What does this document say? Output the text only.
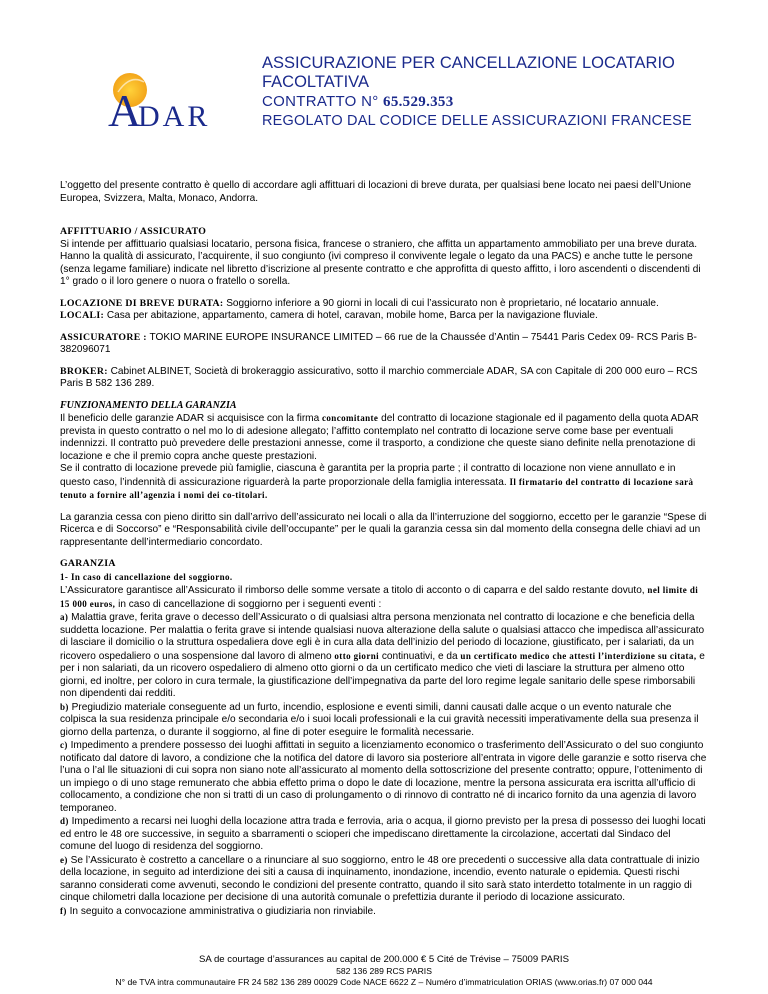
A
DAR
ASSICURAZIONE PER CANCELLAZIONE LOCATARIO FACOLTATIVA
CONTRATTO N° 65.529.353
REGOLATO DAL CODICE DELLE ASSICURAZIONI FRANCESE

L’oggetto del presente contratto è quello di accordare agli affittuari di locazioni di breve durata, per qualsiasi bene locato nei paesi dell’Unione Europea, Svizzera, Malta, Monaco, Andorra.

AFFITTUARIO / ASSICURATO

Si intende per affittuario qualsiasi locatario, persona fisica, francese o straniero, che affitta un appartamento ammobiliato per una breve durata.

Hanno la qualità di assicurato, l’acquirente, il suo congiunto (ivi compreso il convivente legale o legato da una PACS) e anche tutte le persone (senza legame familiare) indicate nel libretto d’iscrizione al presente contratto e che approfitta di questo affitto, i loro ascendenti o discendenti di 1° grado o il loro genere o nuora o fratello o sorella.

LOCAZIONE DI BREVE DURATA: Soggiorno inferiore a 90 giorni in locali di cui l’assicurato non è proprietario, né locatario annuale.

LOCALI: Casa per abitazione, appartamento, camera di hotel, caravan, mobile home, Barca per la navigazione fluviale.

ASSICURATORE : TOKIO MARINE EUROPE INSURANCE LIMITED – 66 rue de la Chaussée d’Antin – 75441 Paris Cedex 09- RCS Paris B-382096071

BROKER: Cabinet ALBINET, Società di brokeraggio assicurativo, sotto il marchio commerciale ADAR, SA con Capitale di 200 000 euro – RCS Paris B 582 136 289.

FUNZIONAMENTO DELLA GARANZIA

Il beneficio delle garanzie ADAR si acquisisce con la firma concomitante del contratto di locazione stagionale ed il pagamento della quota ADAR prevista in questo contratto o nel mo lo di adesione allegato; l’affitto contemplato nel contratto di locazione serve come base per eventuali indennizzi. Il contratto può prevedere delle prestazioni annesse, come il trasporto, a condizione che queste siano definite nella prenotazione di locazione e che il premio copra anche queste prestazioni.

Se il contratto di locazione prevede più famiglie, ciascuna è garantita per la propria parte ; il contratto di locazione non viene annullato e in questo caso, l’indennità di assicurazione riguarderà la parte proporzionale della famiglia interessata. Il firmatario del contratto di locazione sarà tenuto a fornire all’agenzia i nomi dei co-titolari.

La garanzia cessa con pieno diritto sin dall’arrivo dell’assicurato nei locali o alla da ll’interruzione del soggiorno, eccetto per le garanzie “Spese di Ricerca e di Soccorso” e “Responsabilità civile dell’occupante” per le quali la garanzia cessa sin dal momento della consegna delle chiavi ad un rappresentante dell’intermediario concordato.

GARANZIA

1- In caso di cancellazione del soggiorno.

L’Assicuratore garantisce all’Assicurato il rimborso delle somme versate a titolo di acconto o di caparra e del saldo restante dovuto, nel limite di 15 000 euros, in caso di cancellazione di soggiorno per i seguenti eventi :

a) Malattia grave, ferita grave o decesso dell’Assicurato o di qualsiasi altra persona menzionata nel contratto di locazione e che beneficia della suddetta locazione. Per malattia o ferita grave si intende qualsiasi nuova alterazione della salute o qualsiasi attacco che impedisca all’assicurato di lasciare il domicilio o la struttura ospedaliera dove egli è in cura alla data dell’inizio del periodo di locazione, giustificato, per i salariati, da un ricovero ospedaliero o una sospensione dal lavoro di almeno otto giorni continuativi, e da un certificato medico che attesti l’interdizione su citata, e per i non salariati, da un ricovero ospedaliero di almeno otto giorni o da un certificato medico che vieti di lasciare la struttura per almeno otto giorni, ed inoltre, per coloro in cura termale, la giustificazione dell’impegnativa da parte del loro regime legale sanitario delle spese rimborsabili non dipendenti dai redditi.

b) Pregiudizio materiale conseguente ad un furto, incendio, esplosione e eventi simili, danni causati dalle acque o un evento naturale che colpisca la sua residenza principale e/o secondaria e/o i suoi locali professionali e la cui gravità necessiti imperativamente della sua presenza il giorno della partenza, o durante il soggiorno, al fine di poter eseguire le formalità necessarie.

c) Impedimento a prendere possesso dei luoghi affittati in seguito a licenziamento economico o trasferimento dell’Assicurato o del suo congiunto notificato dal datore di lavoro, a condizione che la notifica del datore di lavoro sia posteriore all’entrata in vigore delle garanzie e sotto riserva che l’una o l’al lle situazioni di cui sopra non siano note all’assicurato al momento della sottoscrizione del presente contratto; oppure, l’ottenimento di un impiego o di uno stage remunerato che abbia effetto prima o dopo le date di locazione, mentre la persona assicurata era iscritta all’ufficio di collocamento, a condizione che non si tratti di un caso di prolungamento o di rinnovo di contratto né di incarico fornito da una agenzia di lavoro temporaneo.

d) Impedimento a recarsi nei luoghi della locazione attra trada e ferrovia, aria o acqua, il giorno previsto per la presa di possesso dei luoghi locati ed entro le 48 ore successive, in seguito a sbarramenti o scioperi che impediscano direttamente la circolazione, accertati dal Sindaco del comune del luogo di residenza del soggiorno.

e) Se l’Assicurato è costretto a cancellare o a rinunciare al suo soggiorno, entro le 48 ore precedenti o successive alla data contrattuale di inizio della locazione, in seguito ad interdizione dei siti a causa di inquinamento, inondazione, incendio, evento naturale o epidemia. Questi rischi saranno considerati come avvenuti, secondo le condizioni del presente contratto, quando il sito sarà stato interdetto totalmente in un raggio di cinque chilometri dalla locazione per decisione di una autorità comunale o prefettizia durante il periodo di locazione assicurato.

f) In seguito a convocazione amministrativa o giudiziaria non rinviabile.

SA de courtage d’assurances au capital de 200.000 € 5 Cité de Trévise – 75009 PARIS
582 136 289 RCS PARIS
N° de TVA intra communautaire FR 24 582 136 289 00029 Code NACE 6622 Z – Numéro d’immatriculation ORIAS (www.orias.fr) 07 000 044
